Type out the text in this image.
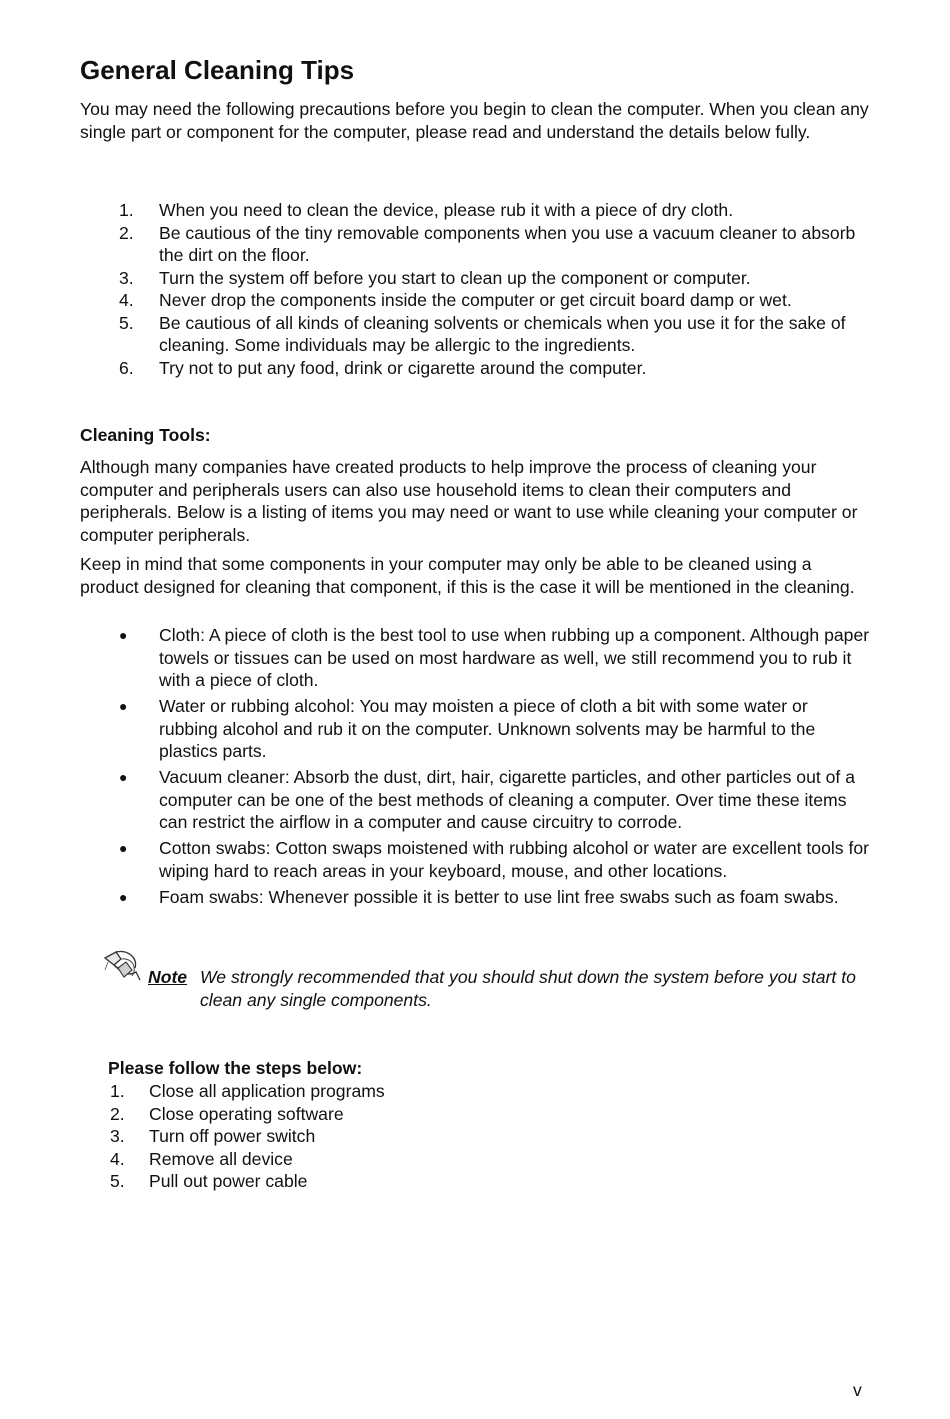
General Cleaning Tips

You may need the following precautions before you begin to clean the computer. When you clean any single part or component for the computer, please read and understand the details below fully.

1. When you need to clean the device, please rub it with a piece of dry cloth.
2. Be cautious of the tiny removable components when you use a vacuum cleaner to absorb the dirt on the floor.
3. Turn the system off before you start to clean up the component or computer.
4. Never drop the components inside the computer or get circuit board damp or wet.
5. Be cautious of all kinds of cleaning solvents or chemicals when you use it for the sake of cleaning. Some individuals may be allergic to the ingredients.
6. Try not to put any food, drink or cigarette around the computer.

Cleaning Tools:

Although many companies have created products to help improve the process of cleaning your computer and peripherals users can also use household items to clean their computers and peripherals. Below is a listing of items you may need or want to use while cleaning your computer or computer peripherals.

Keep in mind that some components in your computer may only be able to be cleaned using a product designed for cleaning that component, if this is the case it will be mentioned in the cleaning.

● Cloth: A piece of cloth is the best tool to use when rubbing up a component. Although paper towels or tissues can be used on most hardware as well, we still recommend you to rub it with a piece of cloth.
● Water or rubbing alcohol: You may moisten a piece of cloth a bit with some water or rubbing alcohol and rub it on the computer. Unknown solvents may be harmful to the plastics parts.
● Vacuum cleaner: Absorb the dust, dirt, hair, cigarette particles, and other particles out of a computer can be one of the best methods of cleaning a computer. Over time these items can restrict the airflow in a computer and cause circuitry to corrode.
● Cotton swabs: Cotton swaps moistened with rubbing alcohol or water are excellent tools for wiping hard to reach areas in your keyboard, mouse, and other locations.
● Foam swabs: Whenever possible it is better to use lint free swabs such as foam swabs.
Note We strongly recommended that you should shut down the system before you start to clean any single components.
Please follow the steps below:
1. Close all application programs
2. Close operating software
3. Turn off power switch
4. Remove all device
5. Pull out power cable
v
